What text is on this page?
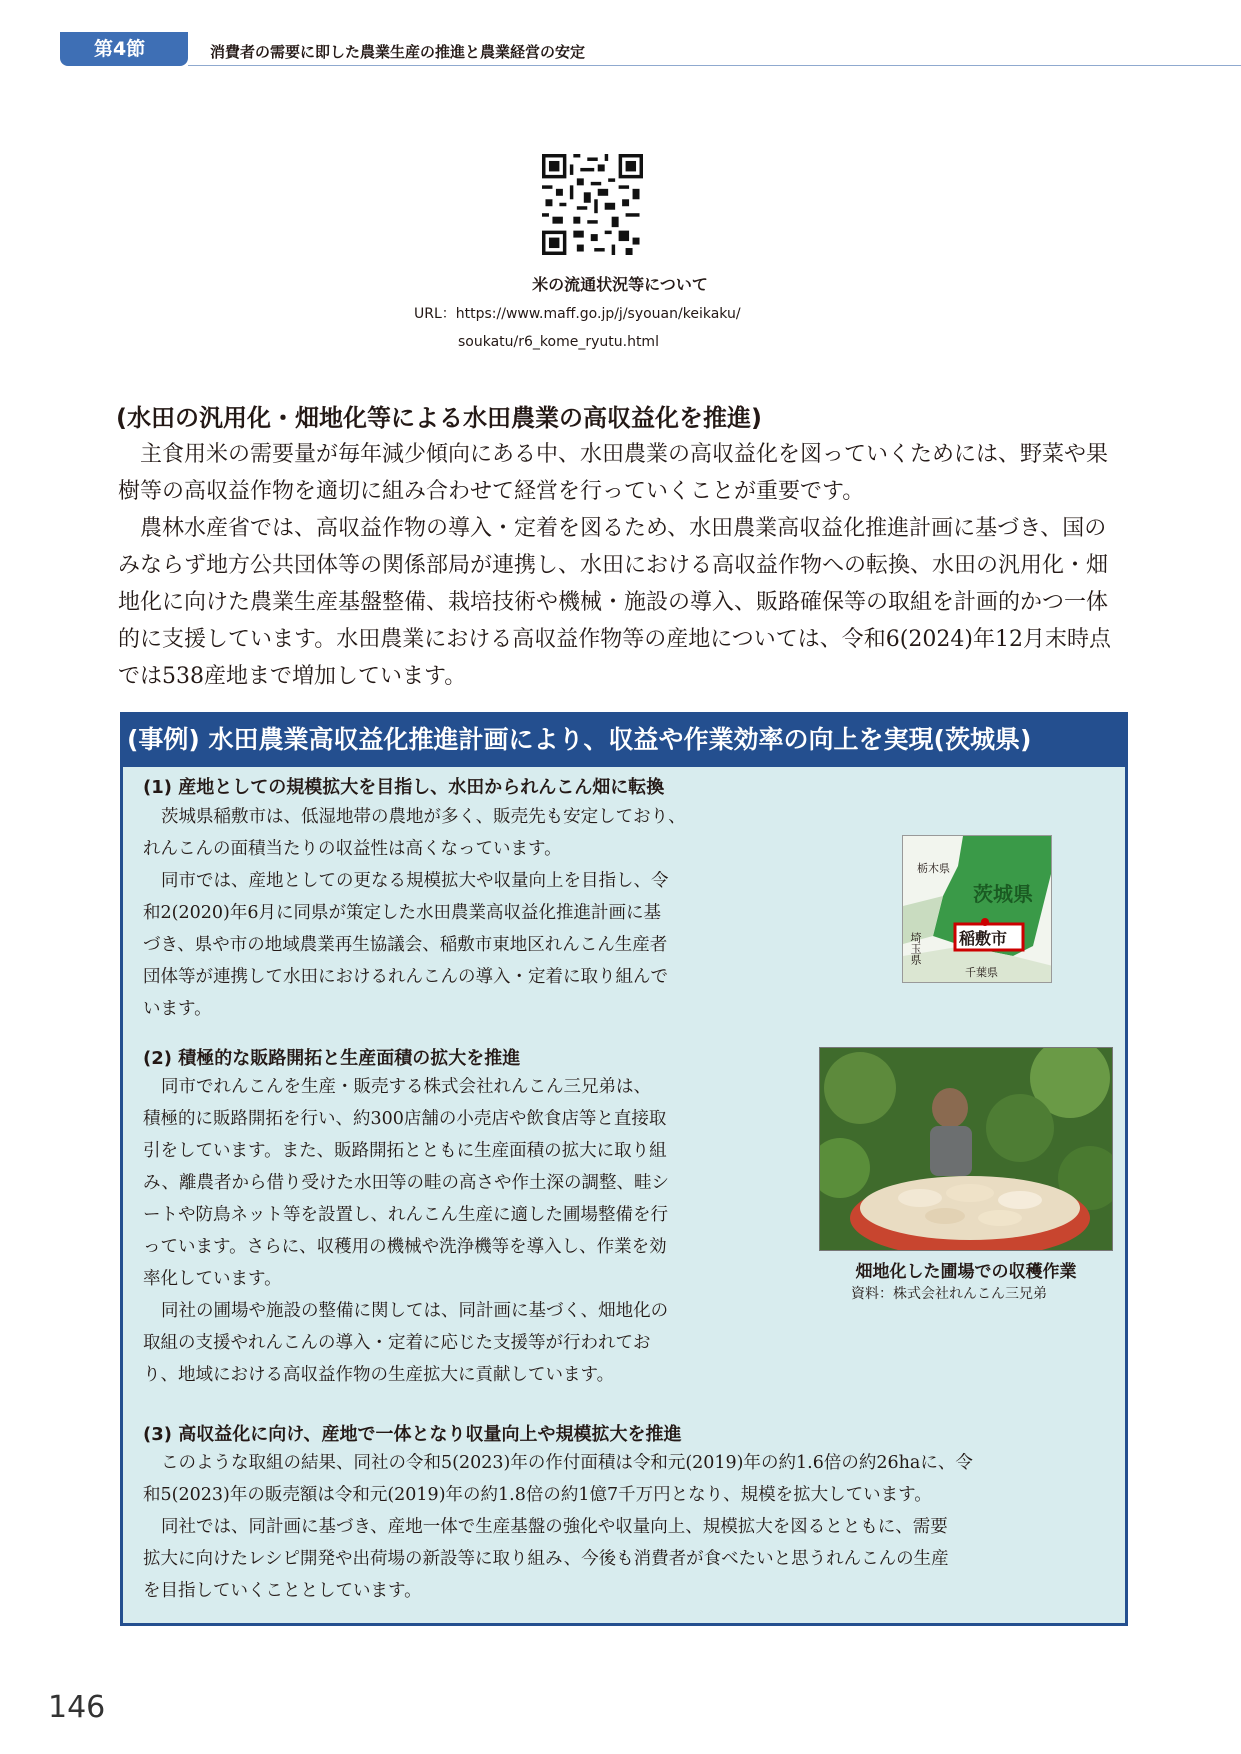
第4節	消費者の需要に即した農業生産の推進と農業経営の安定
米の流通状況等について
URL：https://www.maff.go.jp/j/syouan/keikaku/
soukatu/r6_kome_ryutu.html
(水田の汎用化・畑地化等による水田農業の高収益化を推進)

主食用米の需要量が毎年減少傾向にある中、水田農業の高収益化を図っていくためには、野菜や果樹等の高収益作物を適切に組み合わせて経営を行っていくことが重要です。

農林水産省では、高収益作物の導入・定着を図るため、水田農業高収益化推進計画に基づき、国のみならず地方公共団体等の関係部局が連携し、水田における高収益作物への転換、水田の汎用化・畑地化に向けた農業生産基盤整備、栽培技術や機械・施設の導入、販路確保等の取組を計画的かつ一体的に支援しています。水田農業における高収益作物等の産地については、令和6(2024)年12月末時点では538産地まで増加しています。

(事例) 水田農業高収益化推進計画により、収益や作業効率の向上を実現(茨城県)
(1) 産地としての規模拡大を目指し、水田かられんこん畑に転換
茨城県稲敷市は、低湿地帯の農地が多く、販売先も安定しており、
れんこんの面積当たりの収益性は高くなっています。
同市では、産地としての更なる規模拡大や収量向上を目指し、令
和2(2020)年6月に同県が策定した水田農業高収益化推進計画に基
づき、県や市の地域農業再生協議会、稲敷市東地区れんこん生産者
団体等が連携して水田におけるれんこんの導入・定着に取り組んで
います。
栃木県
茨城県
稲敷市
埼玉県
千葉県
(2) 積極的な販路開拓と生産面積の拡大を推進
同市でれんこんを生産・販売する株式会社れんこん三兄弟は、
積極的に販路開拓を行い、約300店舗の小売店や飲食店等と直接取
引をしています。また、販路開拓とともに生産面積の拡大に取り組
み、離農者から借り受けた水田等の畦の高さや作土深の調整、畦シ
ートや防鳥ネット等を設置し、れんこん生産に適した圃場整備を行
っています。さらに、収穫用の機械や洗浄機等を導入し、作業を効
率化しています。
同社の圃場や施設の整備に関しては、同計画に基づく、畑地化の
取組の支援やれんこんの導入・定着に応じた支援等が行われてお
り、地域における高収益作物の生産拡大に貢献しています。
畑地化した圃場での収穫作業
資料：株式会社れんこん三兄弟
(3) 高収益化に向け、産地で一体となり収量向上や規模拡大を推進
このような取組の結果、同社の令和5(2023)年の作付面積は令和元(2019)年の約1.6倍の約26haに、令
和5(2023)年の販売額は令和元(2019)年の約1.8倍の約1億7千万円となり、規模を拡大しています。
同社では、同計画に基づき、産地一体で生産基盤の強化や収量向上、規模拡大を図るとともに、需要
拡大に向けたレシピ開発や出荷場の新設等に取り組み、今後も消費者が食べたいと思うれんこんの生産
を目指していくこととしています。
146
